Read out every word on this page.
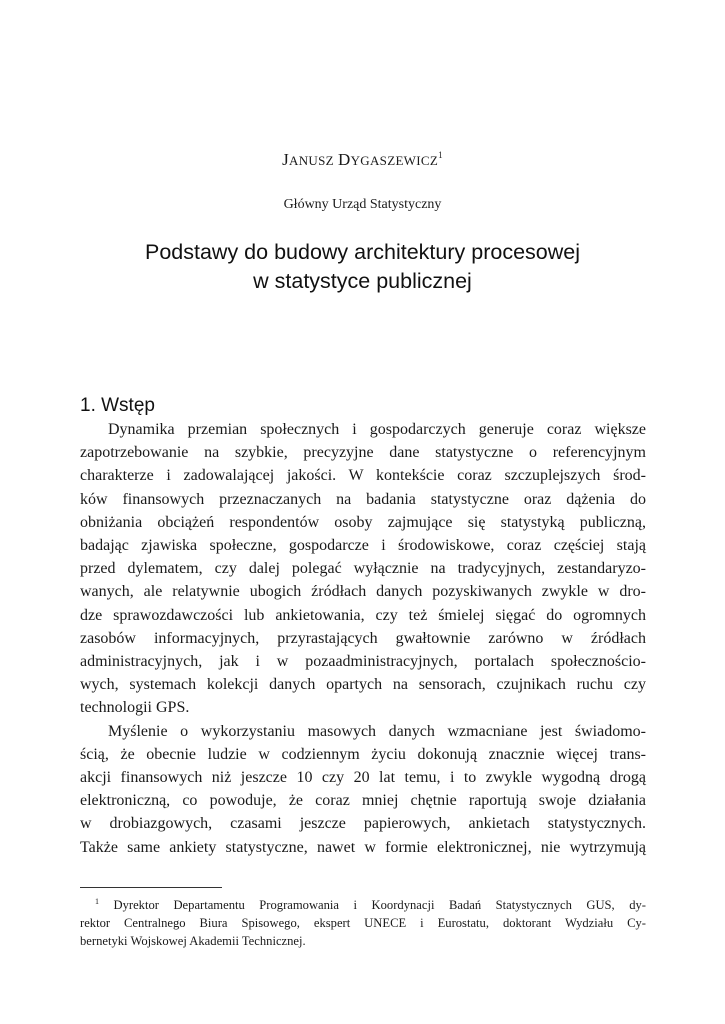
JANUSZ DYGASZEWICZ$^1$
Główny Urząd Statystyczny
Podstawy do budowy architektury procesowej
w statystyce publicznej
1. Wstęp
Dynamika przemian społecznych i gospodarczych generuje coraz większe
zapotrzebowanie na szybkie, precyzyjne dane statystyczne o referencyjnym
charakterze i zadowalającej jakości. W kontekście coraz szczuplejszych środ-
ków finansowych przeznaczanych na badania statystyczne oraz dążenia do
obniżania obciążeń respondentów osoby zajmujące się statystyką publiczną,
badając zjawiska społeczne, gospodarcze i środowiskowe, coraz częściej stają
przed dylematem, czy dalej polegać wyłącznie na tradycyjnych, zestandaryzo-
wanych, ale relatywnie ubogich źródłach danych pozyskiwanych zwykle w dro-
dze sprawozdawczości lub ankietowania, czy też śmielej sięgać do ogromnych
zasobów informacyjnych, przyrastających gwałtownie zarówno w źródłach
administracyjnych, jak i w pozaadministracyjnych, portalach społecznościo-
wych, systemach kolekcji danych opartych na sensorach, czujnikach ruchu czy
technologii GPS.
Myślenie o wykorzystaniu masowych danych wzmacniane jest świadomo-
ścią, że obecnie ludzie w codziennym życiu dokonują znacznie więcej trans-
akcji finansowych niż jeszcze 10 czy 20 lat temu, i to zwykle wygodną drogą
elektroniczną, co powoduje, że coraz mniej chętnie raportują swoje działania
w drobiazgowych, czasami jeszcze papierowych, ankietach statystycznych.
Także same ankiety statystyczne, nawet w formie elektronicznej, nie wytrzymują
$^1$ Dyrektor Departamentu Programowania i Koordynacji Badań Statystycznych GUS, dy-
rektor Centralnego Biura Spisowego, ekspert UNECE i Eurostatu, doktorant Wydziału Cy-
bernetyki Wojskowej Akademii Technicznej.
